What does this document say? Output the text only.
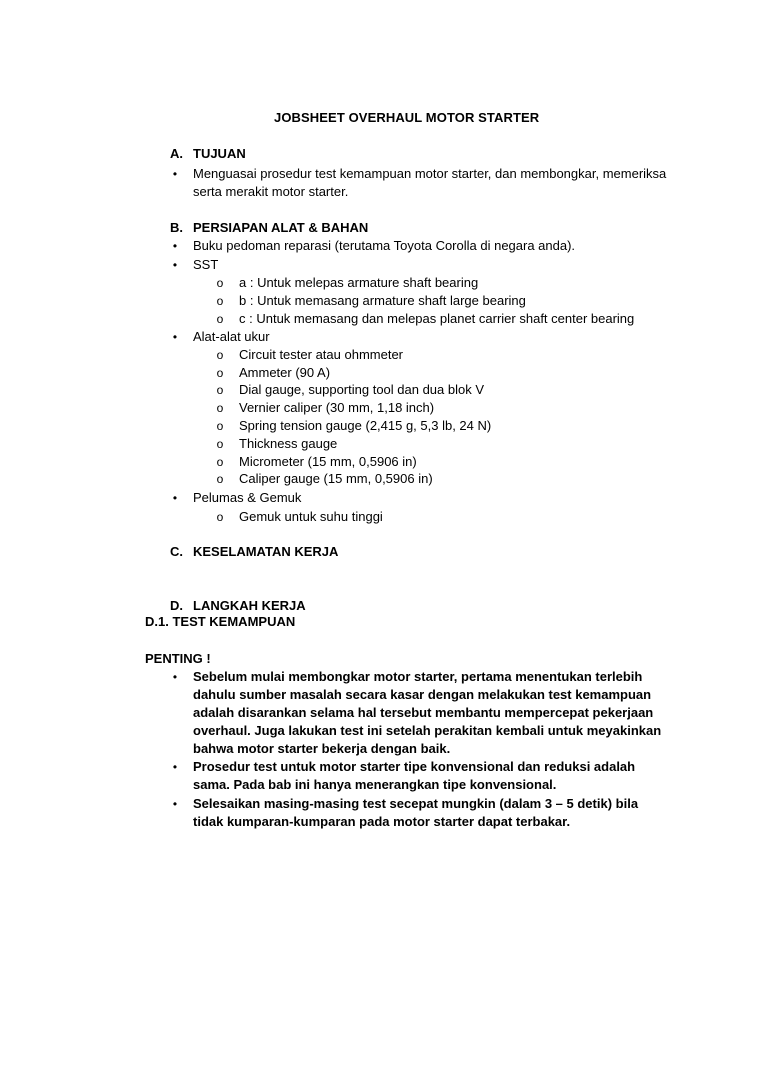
JOBSHEET OVERHAUL MOTOR STARTER
A. TUJUAN
• Menguasai prosedur test kemampuan motor starter, dan membongkar, memeriksa
serta merakit motor starter.
B. PERSIAPAN ALAT & BAHAN
• Buku pedoman reparasi (terutama Toyota Corolla di negara anda).
• SST
o a : Untuk melepas armature shaft bearing
o b : Untuk memasang armature shaft large bearing
o c : Untuk memasang dan melepas planet carrier shaft center bearing
• Alat-alat ukur
o Circuit tester atau ohmmeter
o Ammeter (90 A)
o Dial gauge, supporting tool dan dua blok V
o Vernier caliper (30 mm, 1,18 inch)
o Spring tension gauge (2,415 g, 5,3 lb, 24 N)
o Thickness gauge
o Micrometer (15 mm, 0,5906 in)
o Caliper gauge (15 mm, 0,5906 in)
• Pelumas & Gemuk
o Gemuk untuk suhu tinggi
C. KESELAMATAN KERJA
D. LANGKAH KERJA
D.1. TEST KEMAMPUAN
PENTING !
• Sebelum mulai membongkar motor starter, pertama menentukan terlebih
dahulu sumber masalah secara kasar dengan melakukan test kemampuan
adalah disarankan selama hal tersebut membantu mempercepat pekerjaan
overhaul. Juga lakukan test ini setelah perakitan kembali untuk meyakinkan
bahwa motor starter bekerja dengan baik.
• Prosedur test untuk motor starter tipe konvensional dan reduksi adalah
sama. Pada bab ini hanya menerangkan tipe konvensional.
• Selesaikan masing-masing test secepat mungkin (dalam 3 – 5 detik) bila
tidak kumparan-kumparan pada motor starter dapat terbakar.
